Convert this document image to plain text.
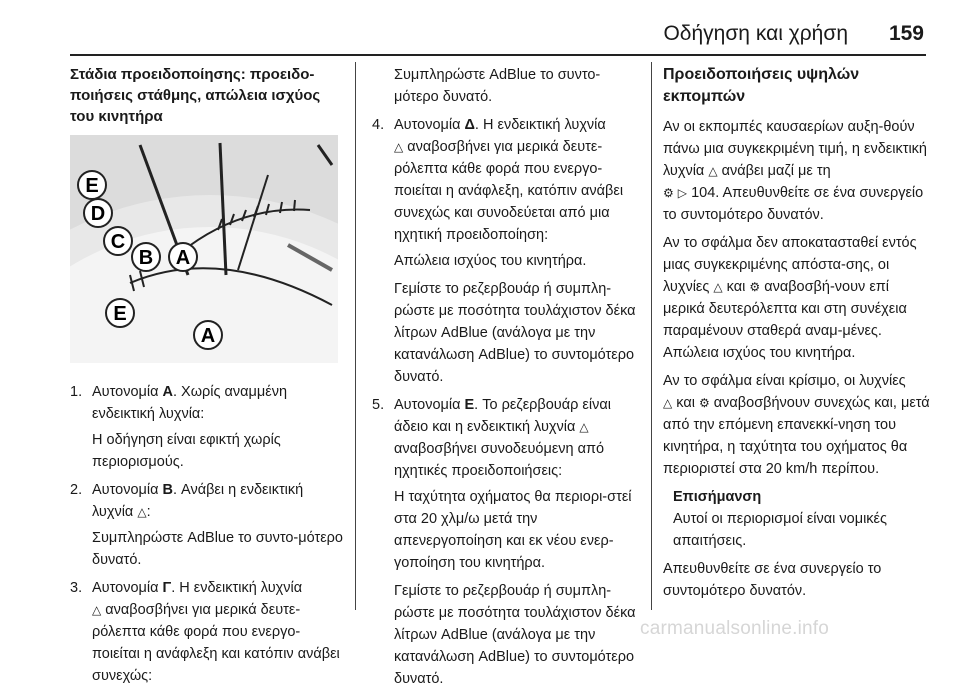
Οδήγηση και χρήση 159
Στάδια προειδοποίησης: προειδο-ποιήσεις στάθμης, απώλεια ισχύος του κινητήρα
E
D
C
B A
E
A
1. Αυτονομία A. Χωρίς αναμμένη ενδεικτική λυχνία:

Η οδήγηση είναι εφικτή χωρίς περιορισμούς.

2. Αυτονομία B. Ανάβει η ενδεικτική λυχνία △:

Συμπληρώστε AdBlue το συντο-μότερο δυνατό.

3. Αυτονομία Γ. Η ενδεικτική λυχνία
△ αναβοσβήνει για μερικά δευτε-ρόλεπτα κάθε φορά που ενεργο-ποιείται η ανάφλεξη και κατόπιν ανάβει συνεχώς:

Συμπληρώστε AdBlue το συντο-μότερο δυνατό.

4. Αυτονομία Δ. Η ενδεικτική λυχνία
△ αναβοσβήνει για μερικά δευτε-ρόλεπτα κάθε φορά που ενεργο-ποιείται η ανάφλεξη, κατόπιν ανάβει συνεχώς και συνοδεύεται από μια ηχητική προειδοποίηση:

Απώλεια ισχύος του κινητήρα.

Γεμίστε το ρεζερβουάρ ή συμπλη-ρώστε με ποσότητα τουλάχιστον δέκα λίτρων AdBlue (ανάλογα με την κατανάλωση AdBlue) το συντομότερο δυνατό.

5. Αυτονομία E. Το ρεζερβουάρ είναι άδειο και η ενδεικτική λυχνία △
αναβοσβήνει συνοδευόμενη από ηχητικές προειδοποιήσεις:

Η ταχύτητα οχήματος θα περιορι-στεί στα 20 χλμ/ω μετά την απενεργοποίηση και εκ νέου ενερ-γοποίηση του κινητήρα.

Γεμίστε το ρεζερβουάρ ή συμπλη-ρώστε με ποσότητα τουλάχιστον δέκα λίτρων AdBlue (ανάλογα με την κατανάλωση AdBlue) το συντομότερο δυνατό.

Προειδοποιήσεις υψηλών εκπομπών

Αν οι εκπομπές καυσαερίων αυξη-θούν πάνω μια συγκεκριμένη τιμή, η ενδεικτική λυχνία △ ανάβει μαζί με τη
⚙ ▷ 104. Απευθυνθείτε σε ένα συνεργείο το συντομότερο δυνατόν.

Αν το σφάλμα δεν αποκατασταθεί εντός μιας συγκεκριμένης απόστα-σης, οι λυχνίες △ και ⚙ αναβοσβή-νουν επί μερικά δευτερόλεπτα και στη συνέχεια παραμένουν σταθερά αναμ-μένες. Απώλεια ισχύος του κινητήρα.

Αν το σφάλμα είναι κρίσιμο, οι λυχνίες
△ και ⚙ αναβοσβήνουν συνεχώς και, μετά από την επόμενη επανεκκί-νηση του κινητήρα, η ταχύτητα του οχήματος θα περιοριστεί στα 20 km/h περίπου.

Επισήμανση
Αυτοί οι περιορισμοί είναι νομικές απαιτήσεις.

Απευθυνθείτε σε ένα συνεργείο το συντομότερο δυνατόν.

carmanualsonline.info
